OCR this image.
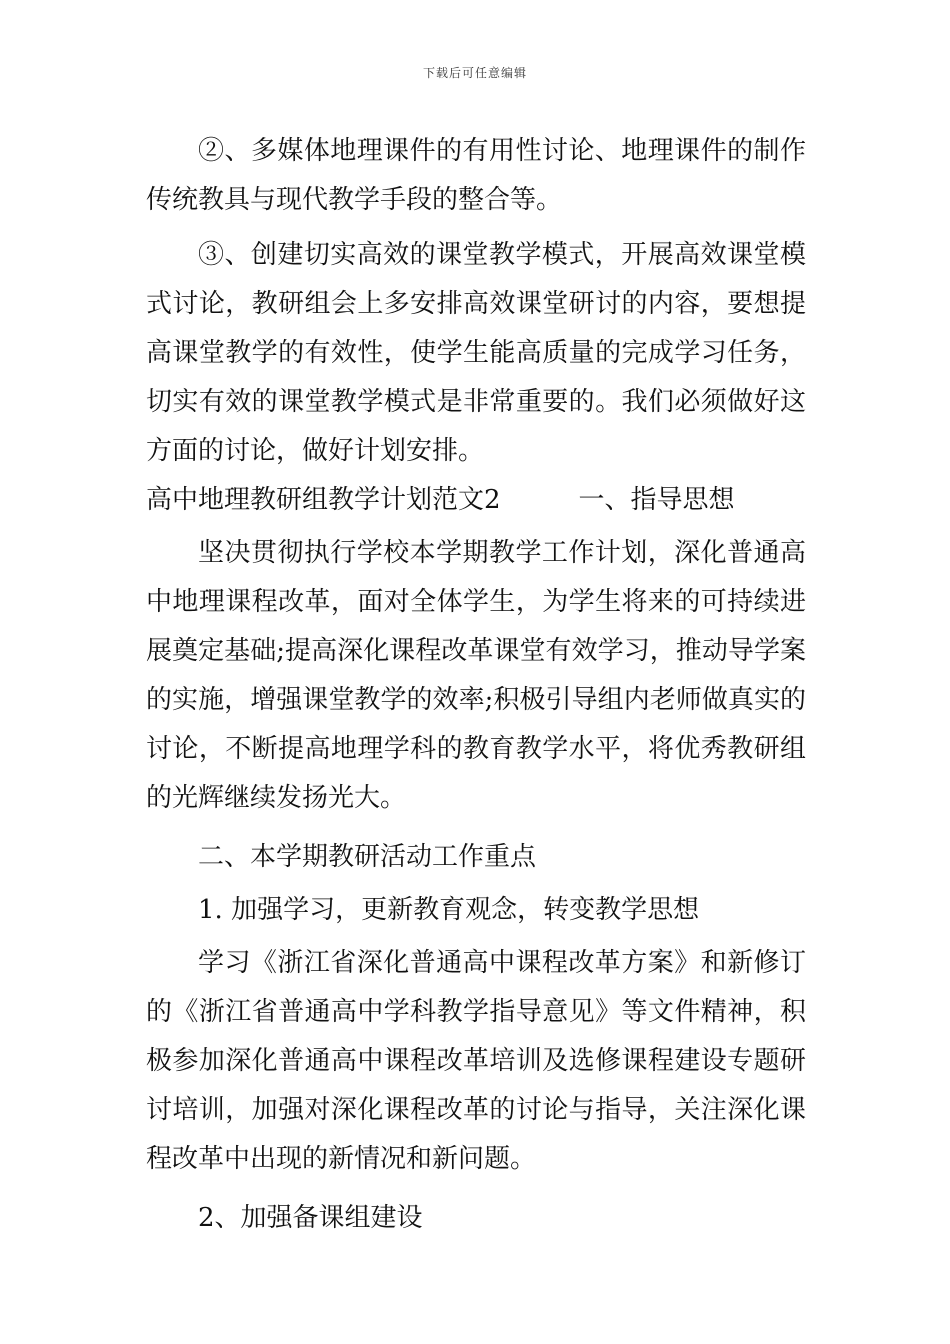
下载后可任意编辑

②、多媒体地理课件的有用性讨论、地理课件的制作传统教具与现代教学手段的整合等。

③、创建切实高效的课堂教学模式，开展高效课堂模式讨论，教研组会上多安排高效课堂研讨的内容，要想提高课堂教学的有效性，使学生能高质量的完成学习任务，切实有效的课堂教学模式是非常重要的。我们必须做好这方面的讨论，做好计划安排。

高中地理教研组教学计划范文2　　　一、指导思想

坚决贯彻执行学校本学期教学工作计划，深化普通高中地理课程改革，面对全体学生，为学生将来的可持续进展奠定基础;提高深化课程改革课堂有效学习，推动导学案的实施，增强课堂教学的效率;积极引导组内老师做真实的讨论，不断提高地理学科的教育教学水平，将优秀教研组的光辉继续发扬光大。

二、本学期教研活动工作重点

1. 加强学习，更新教育观念，转变教学思想

学习《浙江省深化普通高中课程改革方案》和新修订的《浙江省普通高中学科教学指导意见》等文件精神，积极参加深化普通高中课程改革培训及选修课程建设专题研讨培训，加强对深化课程改革的讨论与指导，关注深化课程改革中出现的新情况和新问题。

2、加强备课组建设
